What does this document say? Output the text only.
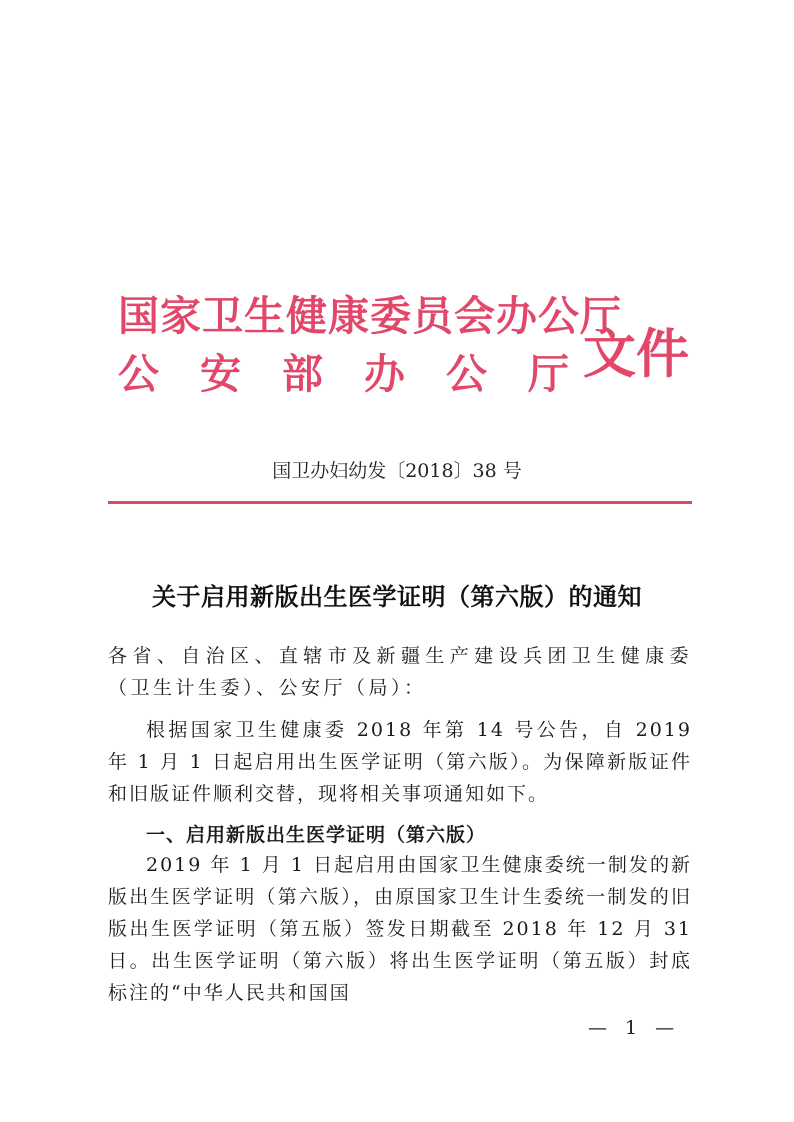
国家卫生健康委员会办公厅
公安部办公厅
文件
国卫办妇幼发〔2018〕38 号
关于启用新版出生医学证明（第六版）的通知
各省、自治区、直辖市及新疆生产建设兵团卫生健康委（卫生计生委）、公安厅（局）：
根据国家卫生健康委 2018 年第 14 号公告，自 2019 年 1 月 1 日起启用出生医学证明（第六版）。为保障新版证件和旧版证件顺利交替，现将相关事项通知如下。
一、启用新版出生医学证明（第六版）
2019 年 1 月 1 日起启用由国家卫生健康委统一制发的新版出生医学证明（第六版），由原国家卫生计生委统一制发的旧版出生医学证明（第五版）签发日期截至 2018 年 12 月 31 日。出生医学证明（第六版）将出生医学证明（第五版）封底标注的“中华人民共和国国
— 1 —
